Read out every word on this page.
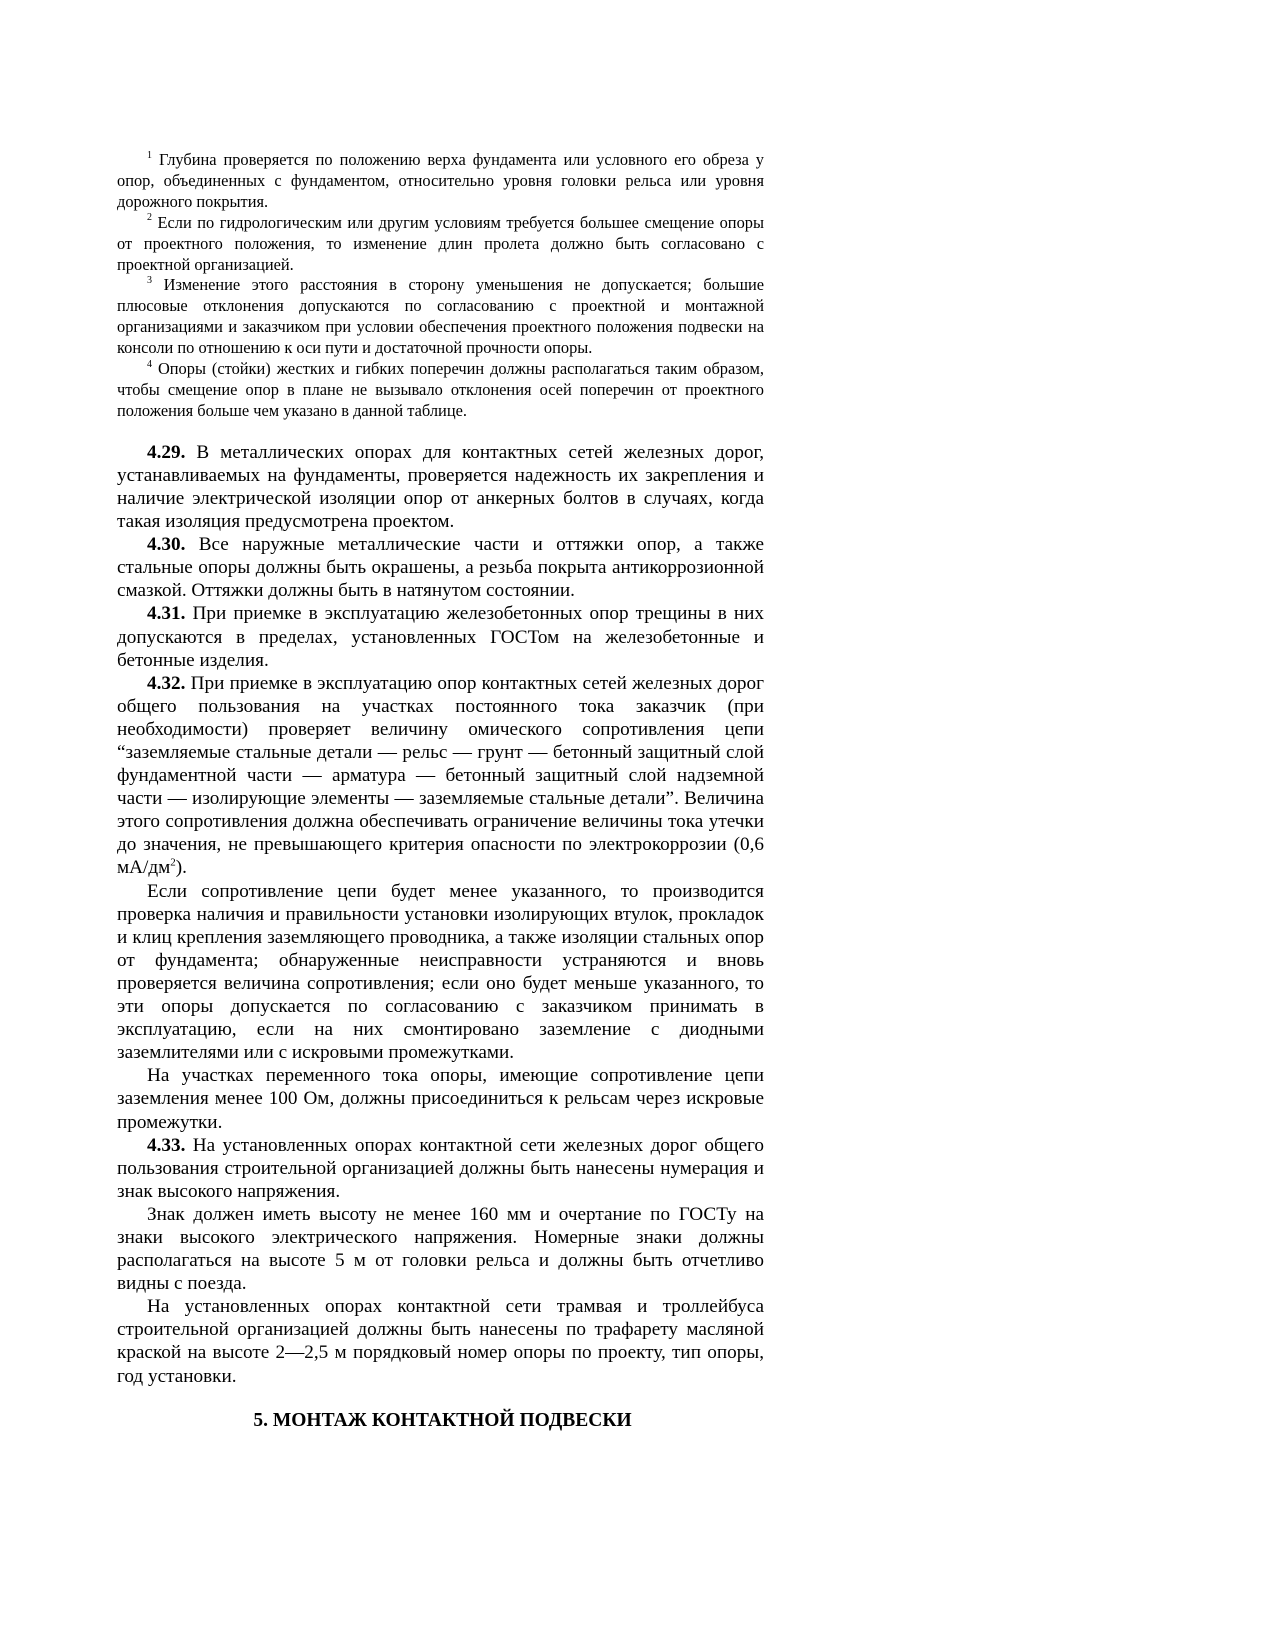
$^1$ Глубина проверяется по положению верха фундамента или условного его обреза у опор, объединенных с фундаментом, относительно уровня головки рельса или уровня дорожного покрытия.

$^2$ Если по гидрологическим или другим условиям требуется большее смещение опоры от проектного положения, то изменение длин пролета должно быть согласовано с проектной организацией.

$^3$ Изменение этого расстояния в сторону уменьшения не допускается; большие плюсовые отклонения допускаются по согласованию с проектной и монтажной организациями и заказчиком при условии обеспечения проектного положения подвески на консоли по отношению к оси пути и достаточной прочности опоры.

$^4$ Опоры (стойки) жестких и гибких поперечин должны располагаться таким образом, чтобы смещение опор в плане не вызывало отклонения осей поперечин от проектного положения больше чем указано в данной таблице.

4.29. В металлических опорах для контактных сетей железных дорог, устанавливаемых на фундаменты, проверяется надежность их закрепления и наличие электрической изоляции опор от анкерных болтов в случаях, когда такая изоляция предусмотрена проектом.

4.30. Все наружные металлические части и оттяжки опор, а также стальные опоры должны быть окрашены, а резьба покрыта антикоррозионной смазкой. Оттяжки должны быть в натянутом состоянии.

4.31. При приемке в эксплуатацию железобетонных опор трещины в них допускаются в пределах, установленных ГОСТом на железобетонные и бетонные изделия.

4.32. При приемке в эксплуатацию опор контактных сетей железных дорог общего пользования на участках постоянного тока заказчик (при необходимости) проверяет величину омического сопротивления цепи “заземляемые стальные детали — рельс — грунт — бетонный защитный слой фундаментной части — арматура — бетонный защитный слой надземной части — изолирующие элементы — заземляемые стальные детали”. Величина этого сопротивления должна обеспечивать ограничение величины тока утечки до значения, не превышающего критерия опасности по электрокоррозии (0,6 $мА/дм^2$).

Если сопротивление цепи будет менее указанного, то производится проверка наличия и правильности установки изолирующих втулок, прокладок и клиц крепления заземляющего проводника, а также изоляции стальных опор от фундамента; обнаруженные неисправности устраняются и вновь проверяется величина сопротивления; если оно будет меньше указанного, то эти опоры допускается по согласованию с заказчиком принимать в эксплуатацию, если на них смонтировано заземление с диодными заземлителями или с искровыми промежутками.

На участках переменного тока опоры, имеющие сопротивление цепи заземления менее 100 Ом, должны присоединиться к рельсам через искровые промежутки.

4.33. На установленных опорах контактной сети железных дорог общего пользования строительной организацией должны быть нанесены нумерация и знак высокого напряжения.

Знак должен иметь высоту не менее 160 мм и очертание по ГОСТу на знаки высокого электрического напряжения. Номерные знаки должны располагаться на высоте 5 м от головки рельса и должны быть отчетливо видны с поезда.

На установленных опорах контактной сети трамвая и троллейбуса строительной организацией должны быть нанесены по трафарету масляной краской на высоте 2—2,5 м порядковый номер опоры по проекту, тип опоры, год установки.

5. МОНТАЖ КОНТАКТНОЙ ПОДВЕСКИ
